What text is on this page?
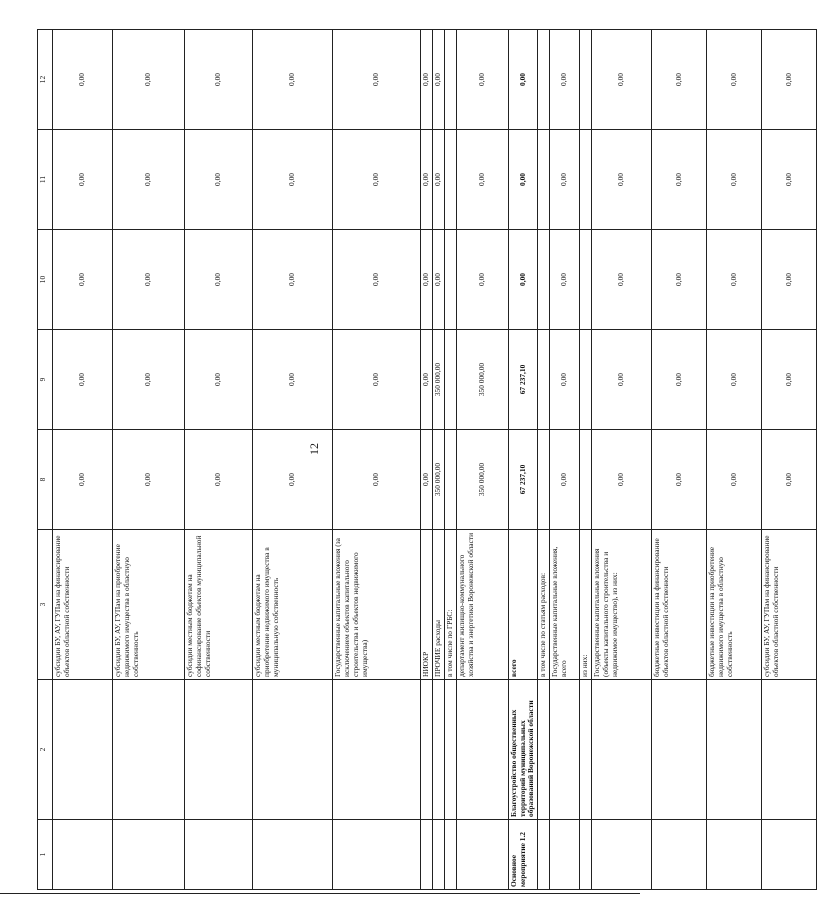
12
1	2	3	8	9	10	11	12
		субсидии БУ, АУ, ГУПам на финансирование объектов областной собственности	0,00	0,00	0,00	0,00	0,00
		субсидии БУ, АУ, ГУПам на приобретение недвижимого имущества в областную собственность	0,00	0,00	0,00	0,00	0,00
		субсидии местным бюджетам на софинансирование объектов муниципальной собственности	0,00	0,00	0,00	0,00	0,00
		субсидии местным бюджетам на приобретение недвижимого имущества в муниципальную собственность	0,00	0,00	0,00	0,00	0,00
		Государственные капитальные вложения (за исключением объектов капитального строительства и объектов недвижимого имущества)	0,00	0,00	0,00	0,00	0,00
		НИОКР	0,00	0,00	0,00	0,00	0,00
		ПРОЧИЕ расходы	350 000,00	350 000,00	0,00	0,00	0,00
		в том числе по ГРБС:					
		департамент жилищно-коммунального хозяйства и энергетики Воронежской области	350 000,00	350 000,00	0,00	0,00	0,00
Основное мероприятие 1.2	Благоустройство общественных территорий муниципальных образований Воронежской области	всего	67 237,10	67 237,10	0,00	0,00	0,00
		в том числе по статьям расходов:					
		Государственные капитальные вложения, всего	0,00	0,00	0,00	0,00	0,00
		из них:					
		Государственные капитальные вложения (объекты капитального строительства и недвижимое имущество), из них:	0,00	0,00	0,00	0,00	0,00
		бюджетные инвестиции на финансирование объектов областной собственности	0,00	0,00	0,00	0,00	0,00
		бюджетные инвестиции на приобретение недвижимого имущества в областную собственность	0,00	0,00	0,00	0,00	0,00
		субсидии БУ, АУ, ГУПам на финансирование объектов областной собственности	0,00	0,00	0,00	0,00	0,00
